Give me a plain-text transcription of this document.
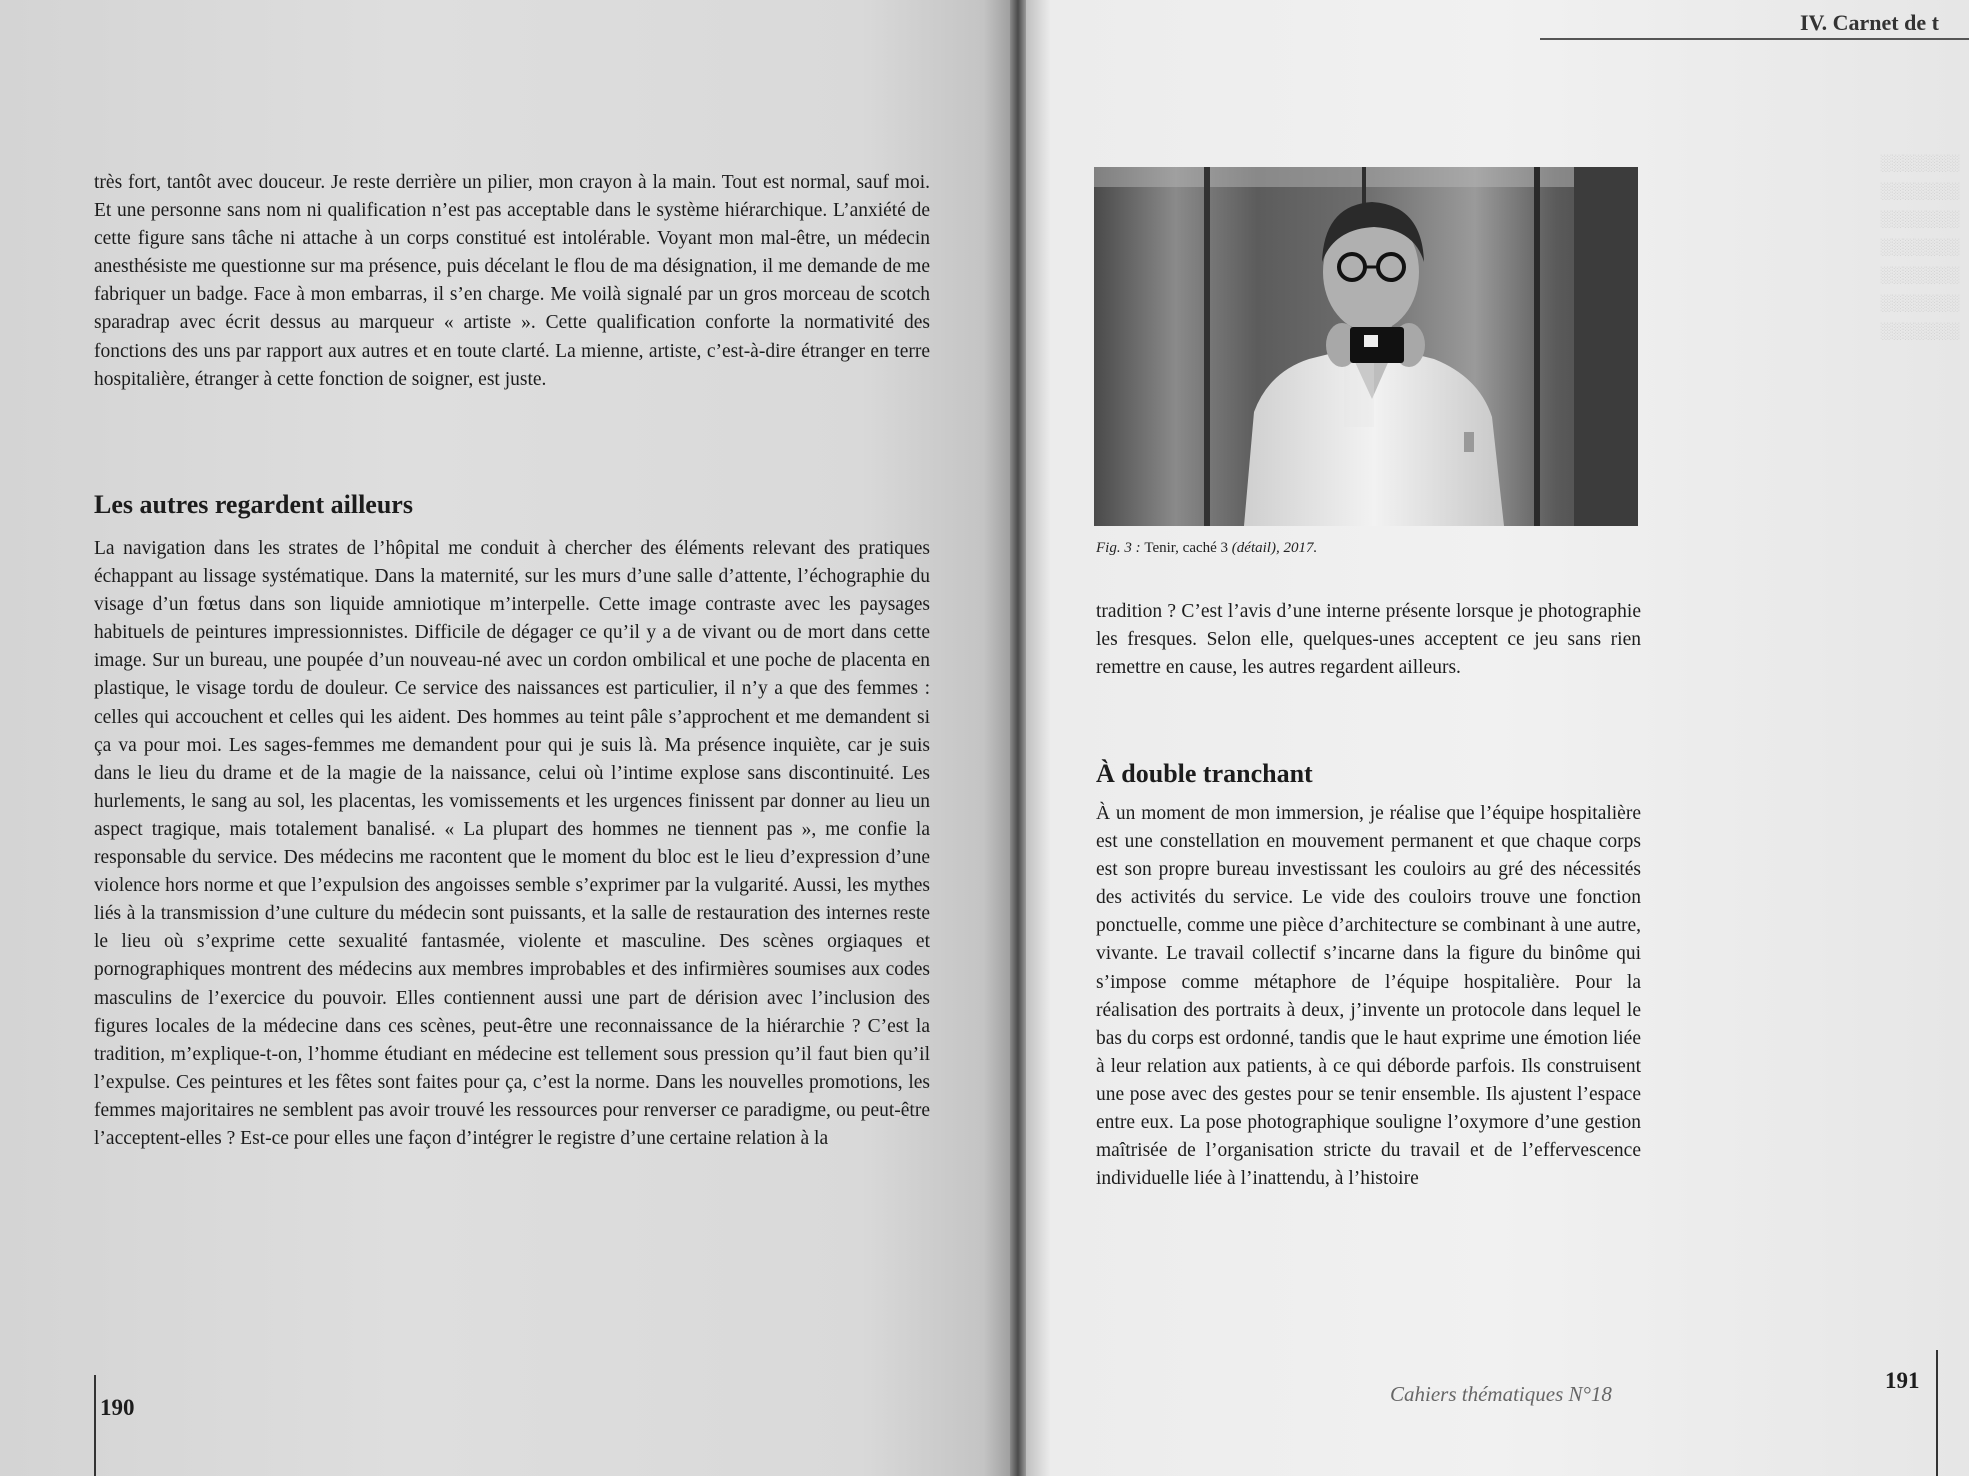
très fort, tantôt avec douceur. Je reste derrière un pilier, mon crayon à la main. Tout est normal, sauf moi. Et une personne sans nom ni qualification n’est pas acceptable dans le système hiérarchique. L’anxiété de cette figure sans tâche ni attache à un corps constitué est intolérable. Voyant mon mal-être, un médecin anesthésiste me questionne sur ma présence, puis décelant le flou de ma désignation, il me demande de me fabriquer un badge. Face à mon embarras, il s’en charge. Me voilà signalé par un gros morceau de scotch sparadrap avec écrit dessus au marqueur « artiste ». Cette qualification conforte la normativité des fonctions des uns par rapport aux autres et en toute clarté. La mienne, artiste, c’est-à-dire étranger en terre hospitalière, étranger à cette fonction de soigner, est juste.

Les autres regardent ailleurs

La navigation dans les strates de l’hôpital me conduit à chercher des éléments relevant des pratiques échappant au lissage systématique. Dans la maternité, sur les murs d’une salle d’attente, l’échographie du visage d’un fœtus dans son liquide amniotique m’interpelle. Cette image contraste avec les paysages habituels de peintures impressionnistes. Difficile de dégager ce qu’il y a de vivant ou de mort dans cette image. Sur un bureau, une poupée d’un nouveau-né avec un cordon ombilical et une poche de placenta en plastique, le visage tordu de douleur. Ce service des naissances est particulier, il n’y a que des femmes : celles qui accouchent et celles qui les aident. Des hommes au teint pâle s’approchent et me demandent si ça va pour moi. Les sages-femmes me demandent pour qui je suis là. Ma présence inquiète, car je suis dans le lieu du drame et de la magie de la naissance, celui où l’intime explose sans discontinuité. Les hurlements, le sang au sol, les placentas, les vomissements et les urgences finissent par donner au lieu un aspect tragique, mais totalement banalisé. « La plupart des hommes ne tiennent pas », me confie la responsable du service. Des médecins me racontent que le moment du bloc est le lieu d’expression d’une violence hors norme et que l’expulsion des angoisses semble s’exprimer par la vulgarité. Aussi, les mythes liés à la transmission d’une culture du médecin sont puissants, et la salle de restauration des internes reste le lieu où s’exprime cette sexualité fantasmée, violente et masculine. Des scènes orgiaques et pornographiques montrent des médecins aux membres improbables et des infirmières soumises aux codes masculins de l’exercice du pouvoir. Elles contiennent aussi une part de dérision avec l’inclusion des figures locales de la médecine dans ces scènes, peut-être une reconnaissance de la hiérarchie ? C’est la tradition, m’explique-t-on, l’homme étudiant en médecine est tellement sous pression qu’il faut bien qu’il l’expulse. Ces peintures et les fêtes sont faites pour ça, c’est la norme. Dans les nouvelles promotions, les femmes majoritaires ne semblent pas avoir trouvé les ressources pour renverser ce paradigme, ou peut-être l’acceptent-elles ? Est-ce pour elles une façon d’intégrer le registre d’une certaine relation à la

190
IV. Carnet de t
░░░░░░░
░░░░░░░
░░░░░░░
░░░░░░░
░░░░░░░
░░░░░░░
░░░░░░░
Fig. 3 : Tenir, caché 3 (détail), 2017.

tradition ? C’est l’avis d’une interne présente lorsque je photographie les fresques. Selon elle, quelques-unes acceptent ce jeu sans rien remettre en cause, les autres regardent ailleurs.

À double tranchant

À un moment de mon immersion, je réalise que l’équipe hospitalière est une constellation en mouvement permanent et que chaque corps est son propre bureau investissant les couloirs au gré des nécessités des activités du service. Le vide des couloirs trouve une fonction ponctuelle, comme une pièce d’architecture se combinant à une autre, vivante. Le travail collectif s’incarne dans la figure du binôme qui s’impose comme métaphore de l’équipe hospitalière. Pour la réalisation des portraits à deux, j’invente un protocole dans lequel le bas du corps est ordonné, tandis que le haut exprime une émotion liée à leur relation aux patients, à ce qui déborde parfois. Ils construisent une pose avec des gestes pour se tenir ensemble. Ils ajustent l’espace entre eux. La pose photographique souligne l’oxymore d’une gestion maîtrisée de l’organisation stricte du travail et de l’effervescence individuelle liée à l’inattendu, à l’histoire

Cahiers thématiques N°18
191
